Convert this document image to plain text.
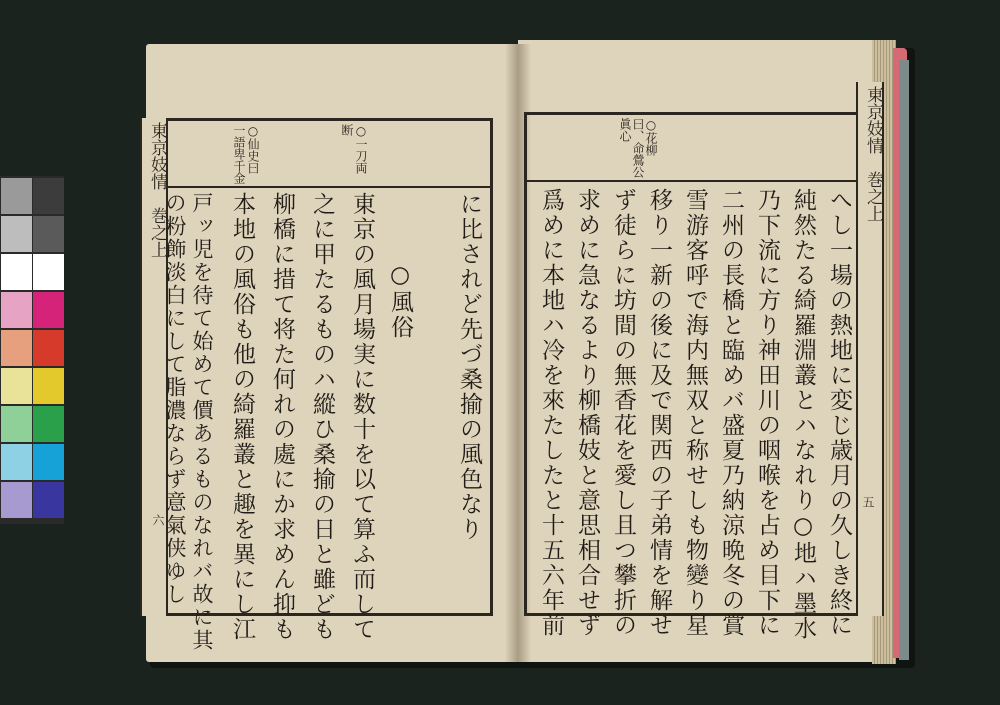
東京妓情　巻之上
六
○一刀両断
○仙史曰一語卑千金
に比されど先づ桑揄の風色なり
○風俗
東京の風月場実に数十を以て算ふ而して
之に甲たるものハ縱ひ桑揄の日と雖ども
柳橋に措て将た何れの處にか求めん抑も
本地の風俗も他の綺羅叢と趣を異にし江
戸ッ児を待て始めて價あるものなれバ故に其
の粉飾淡白にして脂濃ならず意氣侠ゆし
東京妓情　巻之上
五
○花柳曰、命鶯公眞心
へし一場の熱地に変じ歳月の久しき終に
純然たる綺羅淵叢とハなれり○地ハ墨水
乃下流に方り神田川の咽喉を占め目下に
二州の長橋と臨めバ盛夏乃納涼晩冬の賞
雪游客呼で海内無双と称せしも物變り星
移り一新の後に及で関西の子弟情を解せ
ず徒らに坊間の無香花を愛し且つ攀折の
求めに急なるより柳橋妓と意思相合せず
爲めに本地ハ冷を來たしたと十五六年前
